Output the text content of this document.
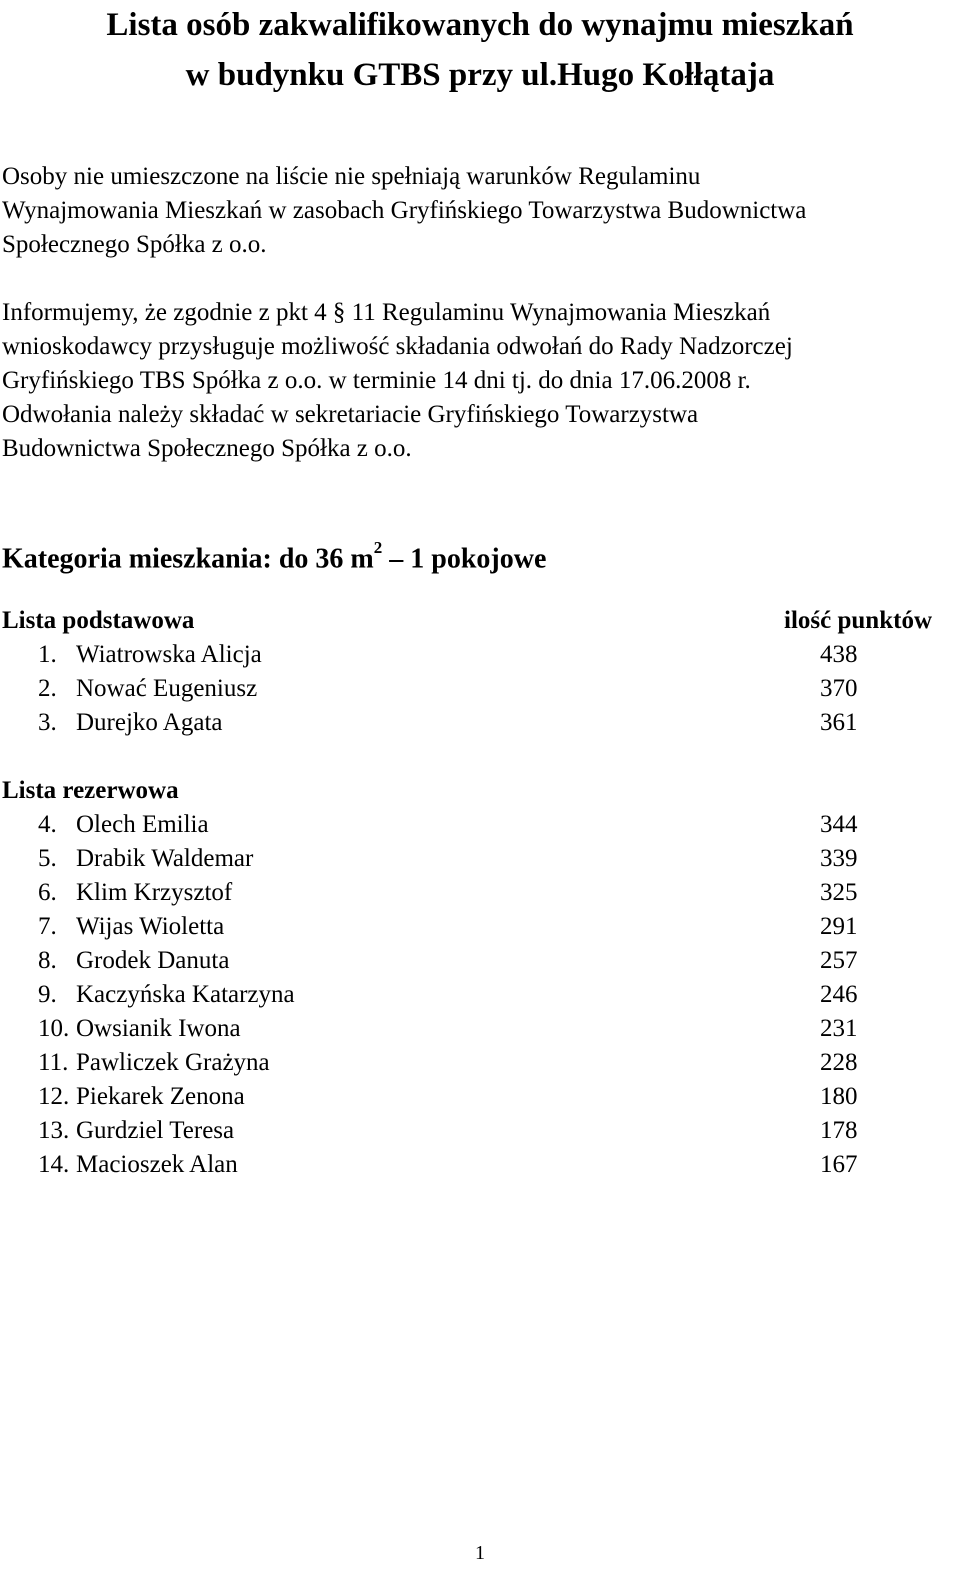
Lista osób zakwalifikowanych do wynajmu mieszkań
w budynku GTBS przy ul.Hugo Kołłątaja

Osoby nie umieszczone na liście nie spełniają warunków Regulaminu
Wynajmowania Mieszkań w zasobach Gryfińskiego Towarzystwa Budownictwa
Społecznego Spółka z o.o.

Informujemy, że zgodnie z pkt 4 § 11 Regulaminu Wynajmowania Mieszkań
wnioskodawcy przysługuje możliwość składania odwołań do Rady Nadzorczej
Gryfińskiego TBS Spółka z o.o. w terminie 14 dni tj. do dnia 17.06.2008 r.
Odwołania należy składać w sekretariacie Gryfińskiego Towarzystwa
Budownictwa Społecznego Spółka z o.o.

Kategoria mieszkania: do 36 $m^2 - 1$ pokojowe

Lista podstawowa	ilość punktów
1. Wiatrowska Alicja	438
2. Nować Eugeniusz	370
3. Durejko Agata	361
Lista rezerwowa
4. Olech Emilia	344
5. Drabik Waldemar	339
6. Klim Krzysztof	325
7. Wijas Wioletta	291
8. Grodek Danuta	257
9. Kaczyńska Katarzyna	246
10. Owsianik Iwona	231
11. Pawliczek Grażyna	228
12. Piekarek Zenona	180
13. Gurdziel Teresa	178
14. Macioszek Alan	167
1
